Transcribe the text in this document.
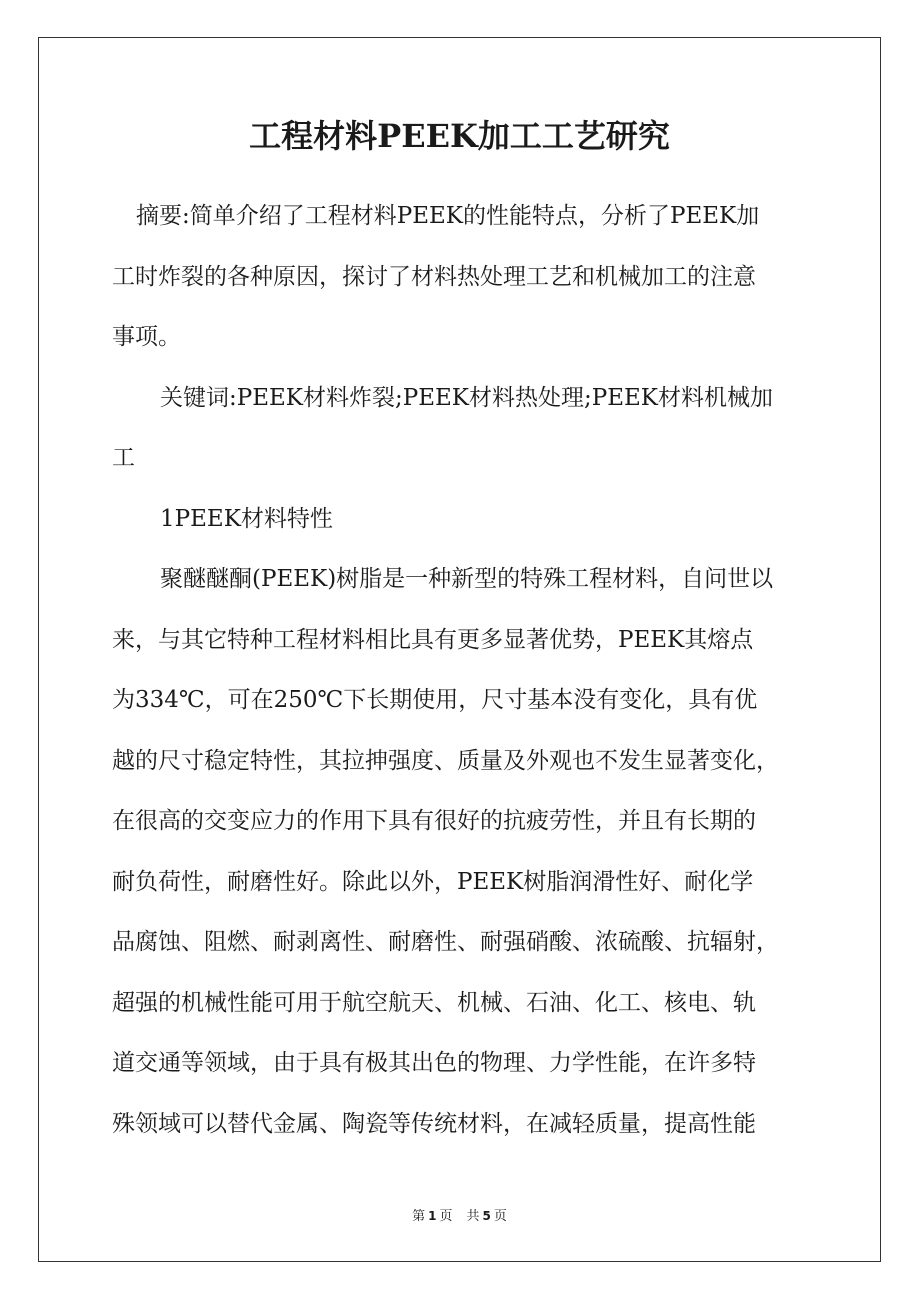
工程材料PEEK加工工艺研究
摘要:简单介绍了工程材料PEEK的性能特点，分析了PEEK加
工时炸裂的各种原因，探讨了材料热处理工艺和机械加工的注意
事项。
关键词:PEEK材料炸裂;PEEK材料热处理;PEEK材料机械加
工
1PEEK材料特性
聚醚醚酮(PEEK)树脂是一种新型的特殊工程材料，自问世以
来，与其它特种工程材料相比具有更多显著优势，PEEK其熔点
为334℃，可在250℃下长期使用，尺寸基本没有变化，具有优
越的尺寸稳定特性，其拉抻强度、质量及外观也不发生显著变化，
在很高的交变应力的作用下具有很好的抗疲劳性，并且有长期的
耐负荷性，耐磨性好。除此以外，PEEK树脂润滑性好、耐化学
品腐蚀、阻燃、耐剥离性、耐磨性、耐强硝酸、浓硫酸、抗辐射，
超强的机械性能可用于航空航天、机械、石油、化工、核电、轨
道交通等领域，由于具有极其出色的物理、力学性能，在许多特
殊领域可以替代金属、陶瓷等传统材料，在减轻质量，提高性能
第 1 页 共 5 页
